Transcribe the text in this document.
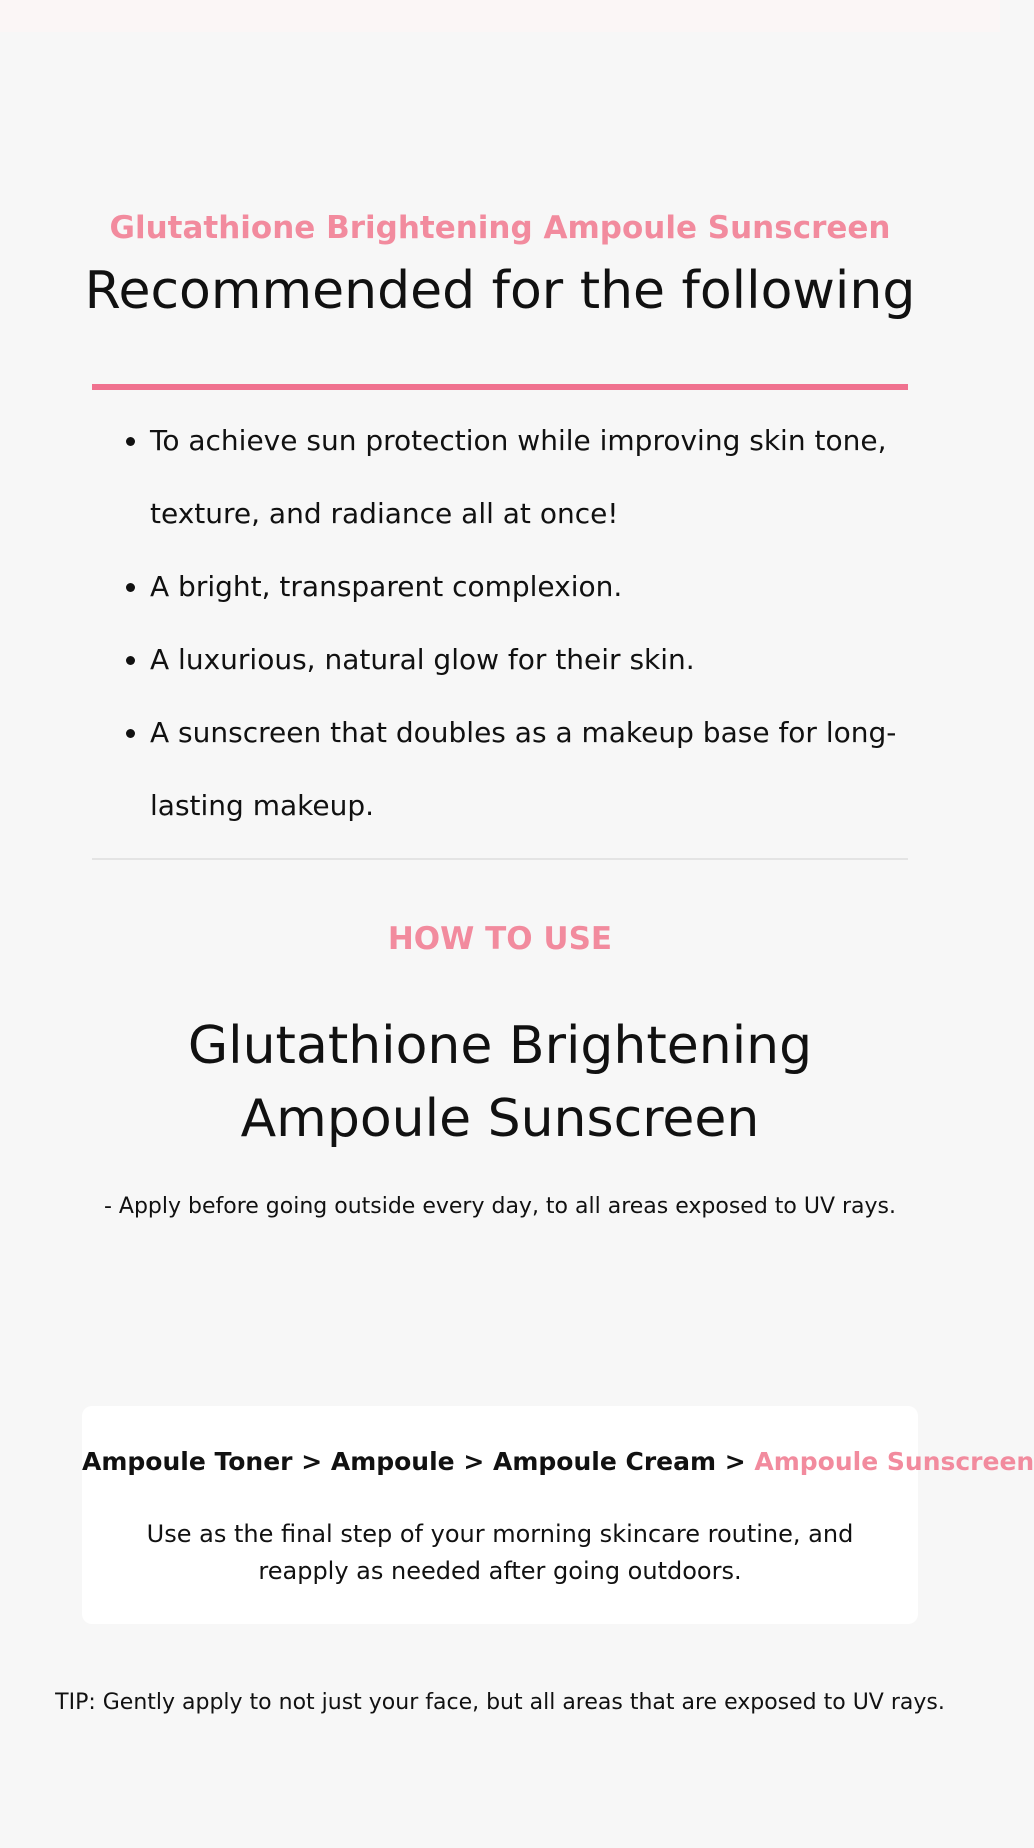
Glutathione Brightening Ampoule Sunscreen
Recommended for the following
• To achieve sun protection while improving skin tone, texture, and radiance all at once!
• A bright, transparent complexion.
• A luxurious, natural glow for their skin.
• A sunscreen that doubles as a makeup base for long-lasting makeup.
HOW TO USE
Glutathione Brightening Ampoule Sunscreen
- Apply before going outside every day, to all areas exposed to UV rays.
Ampoule Toner > Ampoule > Ampoule Cream > Ampoule Sunscreen
Use as the final step of your morning skincare routine, and reapply as needed after going outdoors.
TIP: Gently apply to not just your face, but all areas that are exposed to UV rays.
